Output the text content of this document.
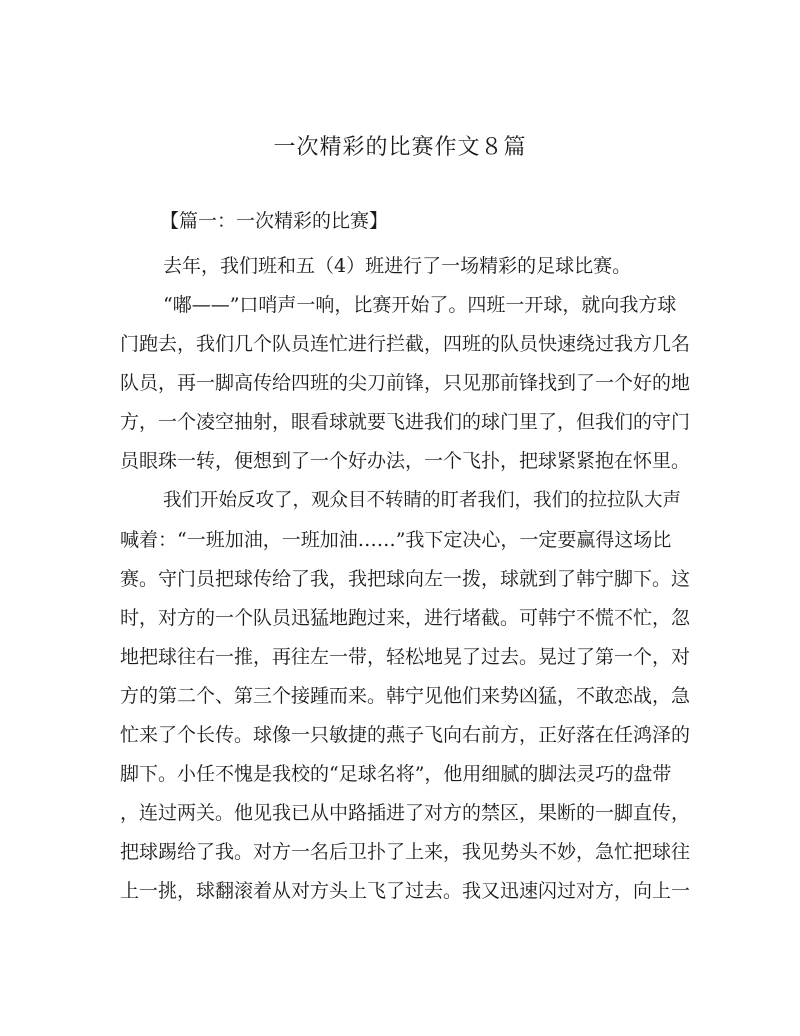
一次精彩的比赛作文８篇
【篇一：一次精彩的比赛】
去年，我们班和五（4）班进行了一场精彩的足球比赛。
“嘟——”口哨声一响，比赛开始了。四班一开球，就向我方球
门跑去，我们几个队员连忙进行拦截，四班的队员快速绕过我方几名
队员，再一脚高传给四班的尖刀前锋，只见那前锋找到了一个好的地
方，一个凌空抽射，眼看球就要飞进我们的球门里了，但我们的守门
员眼珠一转，便想到了一个好办法，一个飞扑，把球紧紧抱在怀里。
我们开始反攻了，观众目不转睛的盯者我们，我们的拉拉队大声
喊着：“一班加油，一班加油……”我下定决心，一定要赢得这场比
赛。守门员把球传给了我，我把球向左一拨，球就到了韩宁脚下。这
时，对方的一个队员迅猛地跑过来，进行堵截。可韩宁不慌不忙，忽
地把球往右一推，再往左一带，轻松地晃了过去。晃过了第一个，对
方的第二个、第三个接踵而来。韩宁见他们来势凶猛，不敢恋战，急
忙来了个长传。球像一只敏捷的燕子飞向右前方，正好落在任鸿泽的
脚下。小任不愧是我校的“足球名将”，他用细腻的脚法灵巧的盘带
，连过两关。他见我已从中路插进了对方的禁区，果断的一脚直传，
把球踢给了我。对方一名后卫扑了上来，我见势头不妙，急忙把球往
上一挑，球翻滚着从对方头上飞了过去。我又迅速闪过对方，向上一
